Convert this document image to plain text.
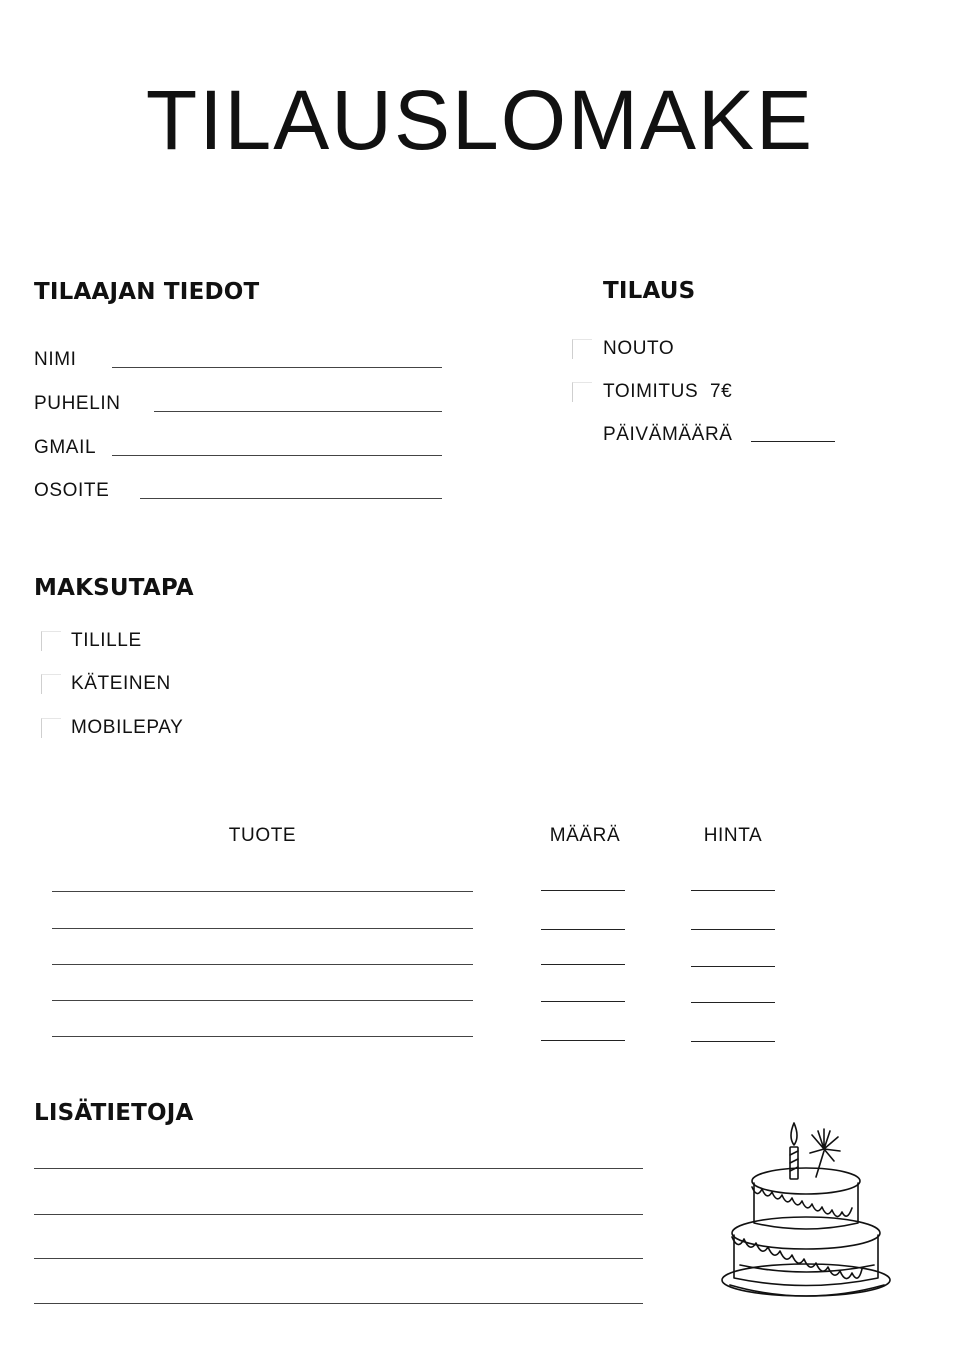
TILAUSLOMAKE
TILAAJAN TIEDOT
NIMI
PUHELIN
GMAIL
OSOITE
TILAUS
NOUTO
TOIMITUS  7€
PÄIVÄMÄÄRÄ
MAKSUTAPA
TILILLE
KÄTEINEN
MOBILEPAY
TUOTE	MÄÄRÄ	HINTA
LISÄTIETOJA
